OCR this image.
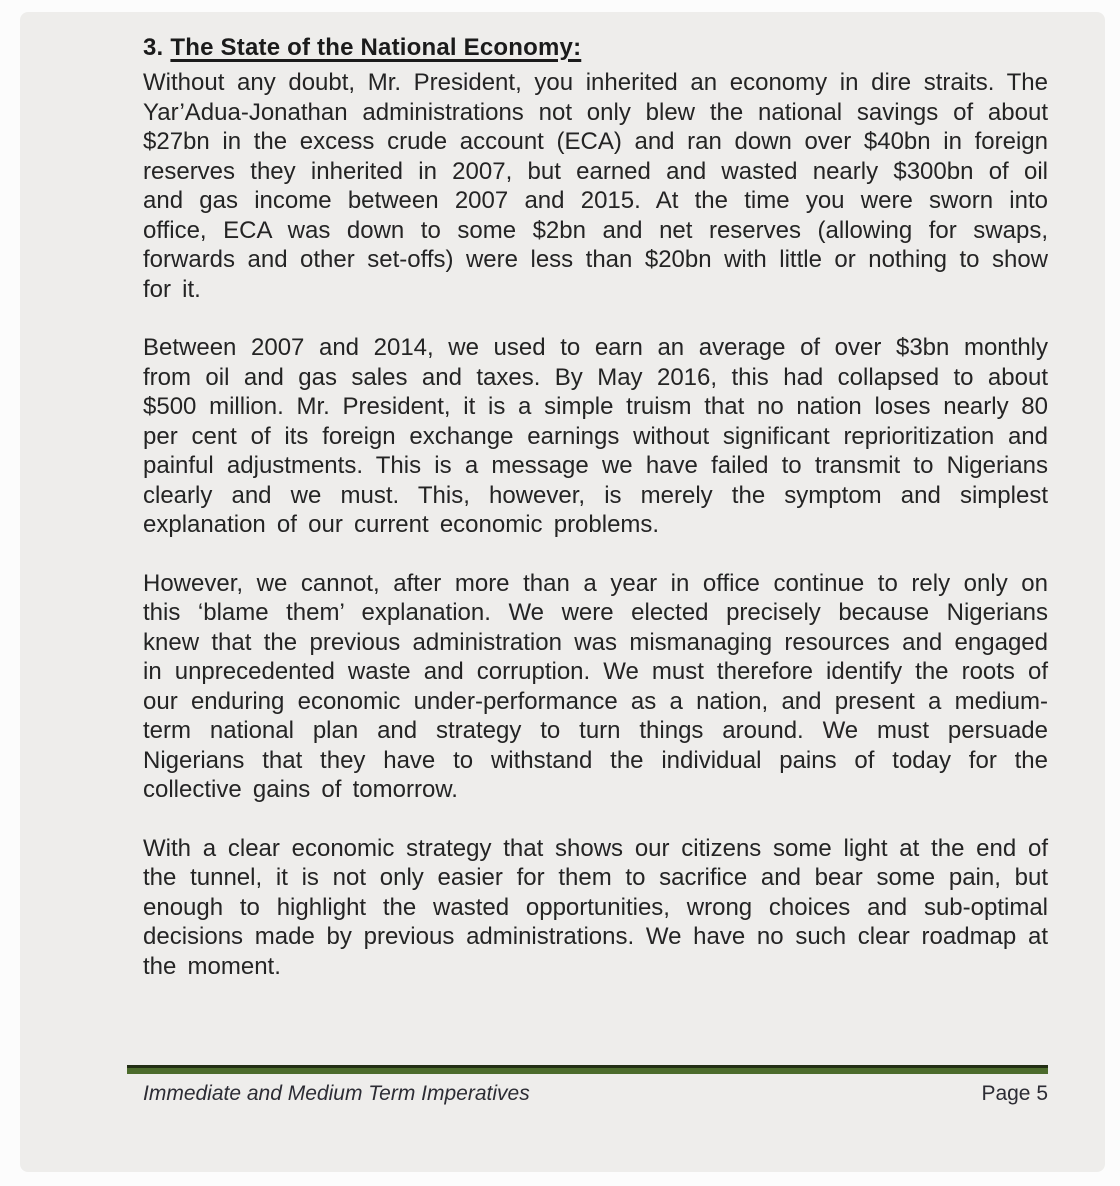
3. The State of the National Economy:

Without any doubt, Mr. President, you inherited an economy in dire straits. The Yar’Adua-Jonathan administrations not only blew the national savings of about $27bn in the excess crude account (ECA) and ran down over $40bn in foreign reserves they inherited in 2007, but earned and wasted nearly $300bn of oil and gas income between 2007 and 2015. At the time you were sworn into office, ECA was down to some $2bn and net reserves (allowing for swaps, forwards and other set-offs) were less than $20bn with little or nothing to show for it.

Between 2007 and 2014, we used to earn an average of over $3bn monthly from oil and gas sales and taxes. By May 2016, this had collapsed to about $500 million. Mr. President, it is a simple truism that no nation loses nearly 80 per cent of its foreign exchange earnings without significant reprioritization and painful adjustments. This is a message we have failed to transmit to Nigerians clearly and we must. This, however, is merely the symptom and simplest explanation of our current economic problems.

However, we cannot, after more than a year in office continue to rely only on this ‘blame them’ explanation. We were elected precisely because Nigerians knew that the previous administration was mismanaging resources and engaged in unprecedented waste and corruption. We must therefore identify the roots of our enduring economic under-performance as a nation, and present a medium-term national plan and strategy to turn things around. We must persuade Nigerians that they have to withstand the individual pains of today for the collective gains of tomorrow.

With a clear economic strategy that shows our citizens some light at the end of the tunnel, it is not only easier for them to sacrifice and bear some pain, but enough to highlight the wasted opportunities, wrong choices and sub-optimal decisions made by previous administrations. We have no such clear roadmap at the moment.

Immediate and Medium Term Imperatives	Page 5
